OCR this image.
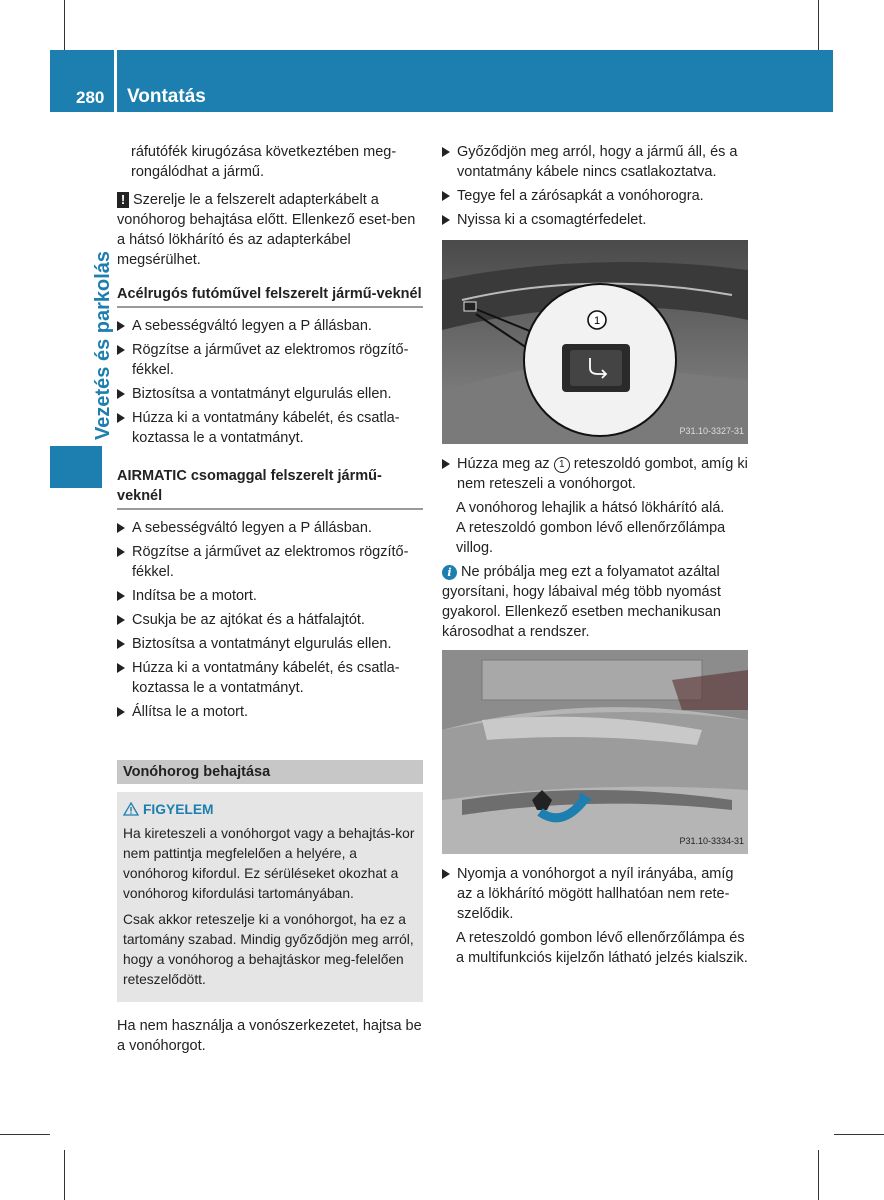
280 Vontatás
Vezetés és parkolás

ráfutófék kirugózása következtében meg-rongálódhat a jármű.

! Szerelje le a felszerelt adapterkábelt a vonóhorog behajtása előtt. Ellenkező eset-ben a hátsó lökhárító és az adapterkábel megsérülhet.

Acélrugós futóművel felszerelt jármű-veknél
A sebességváltó legyen a P állásban.
Rögzítse a járművet az elektromos rögzítő-fékkel.
Biztosítsa a vontatmányt elgurulás ellen.
Húzza ki a vontatmány kábelét, és csatla-koztassa le a vontatmányt.
AIRMATIC csomaggal felszerelt jármű-veknél
A sebességváltó legyen a P állásban.
Rögzítse a járművet az elektromos rögzítő-fékkel.
Indítsa be a motort.
Csukja be az ajtókat és a hátfalajtót.
Biztosítsa a vontatmányt elgurulás ellen.
Húzza ki a vontatmány kábelét, és csatla-koztassa le a vontatmányt.
Állítsa le a motort.
Vonóhorog behajtása
FIGYELEM

Ha kireteszeli a vonóhorgot vagy a behajtás-kor nem pattintja megfelelően a helyére, a vonóhorog kifordul. Ez sérüléseket okozhat a vonóhorog kifordulási tartományában.

Csak akkor reteszelje ki a vonóhorgot, ha ez a tartomány szabad. Mindig győződjön meg arról, hogy a vonóhorog a behajtáskor meg-felelően reteszelődött.

Ha nem használja a vonószerkezetet, hajtsa be a vonóhorgot.

Győződjön meg arról, hogy a jármű áll, és a vontatmány kábele nincs csatlakoztatva.
Tegye fel a zárósapkát a vonóhorogra.
Nyissa ki a csomagtérfedelet.
1
P31.10-3327-31
Húzza meg az 1 reteszoldó gombot, amíg ki nem reteszeli a vonóhorgot.

A vonóhorog lehajlik a hátsó lökhárító alá.

A reteszoldó gombon lévő ellenőrzőlámpa villog.

i Ne próbálja meg ezt a folyamatot azáltal gyorsítani, hogy lábaival még több nyomást gyakorol. Ellenkező esetben mechanikusan károsodhat a rendszer.

P31.10-3334-31
Nyomja a vonóhorgot a nyíl irányába, amíg az a lökhárító mögött hallhatóan nem rete-szelődik.

A reteszoldó gombon lévő ellenőrzőlámpa és a multifunkciós kijelzőn látható jelzés kialszik.
